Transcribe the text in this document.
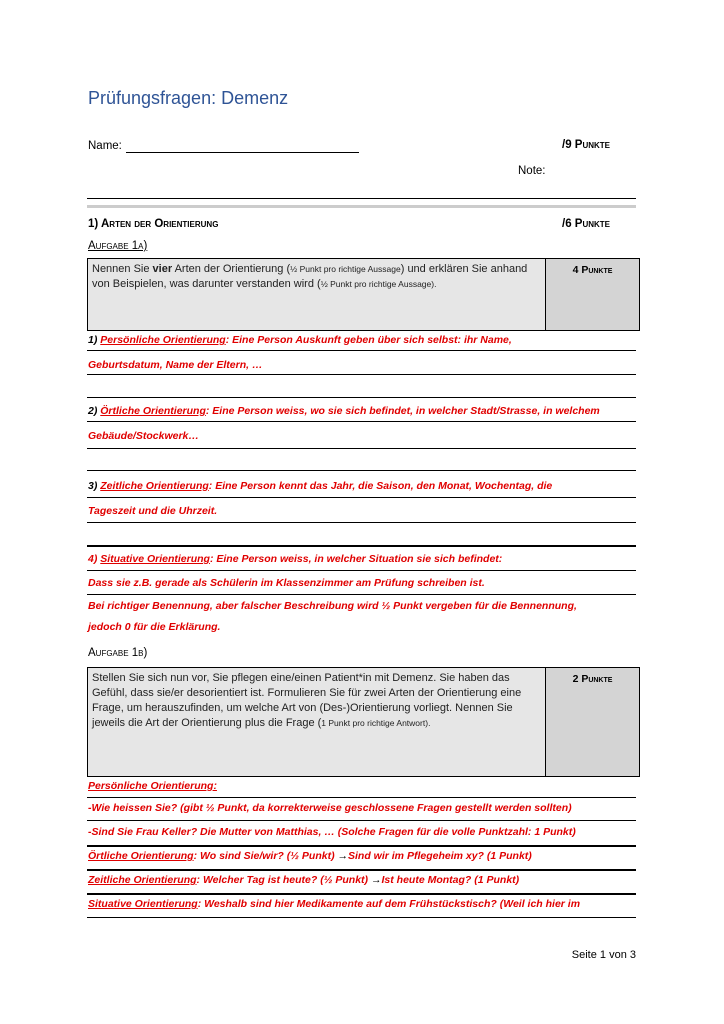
Prüfungsfragen: Demenz
Name:	/9 Punkte
Note:
1) Arten der Orientierung	/6 Punkte
Aufgabe 1a)
Nennen Sie vier Arten der Orientierung (½ Punkt pro richtige Aussage) und erklären Sie anhand von Beispielen, was darunter verstanden wird (½ Punkt pro richtige Aussage).
4 Punkte
1) Persönliche Orientierung: Eine Person Auskunft geben über sich selbst: ihr Name,
Geburtsdatum, Name der Eltern, …
2) Örtliche Orientierung: Eine Person weiss, wo sie sich befindet, in welcher Stadt/Strasse, in welchem
Gebäude/Stockwerk…
3) Zeitliche Orientierung: Eine Person kennt das Jahr, die Saison, den Monat, Wochentag, die
Tageszeit und die Uhrzeit.
4) Situative Orientierung: Eine Person weiss, in welcher Situation sie sich befindet:
Dass sie z.B. gerade als Schülerin im Klassenzimmer am Prüfung schreiben ist.
Bei richtiger Benennung, aber falscher Beschreibung wird ½ Punkt vergeben für die Bennennung,
jedoch 0 für die Erklärung.
Aufgabe 1b)
Stellen Sie sich nun vor, Sie pflegen eine/einen Patient*in mit Demenz. Sie haben das Gefühl, dass sie/er desorientiert ist. Formulieren Sie für zwei Arten der Orientierung eine Frage, um herauszufinden, um welche Art von (Des-)Orientierung vorliegt. Nennen Sie jeweils die Art der Orientierung plus die Frage (1 Punkt pro richtige Antwort).
2 Punkte
Persönliche Orientierung:
-Wie heissen Sie? (gibt ½ Punkt, da korrekterweise geschlossene Fragen gestellt werden sollten)
-Sind Sie Frau Keller? Die Mutter von Matthias, … (Solche Fragen für die volle Punktzahl: 1 Punkt)
Örtliche Orientierung: Wo sind Sie/wir? (½ Punkt) →Sind wir im Pflegeheim xy? (1 Punkt)
Zeitliche Orientierung: Welcher Tag ist heute? (½ Punkt) →Ist heute Montag? (1 Punkt)
Situative Orientierung: Weshalb sind hier Medikamente auf dem Frühstückstisch? (Weil ich hier im
Seite 1 von 3
